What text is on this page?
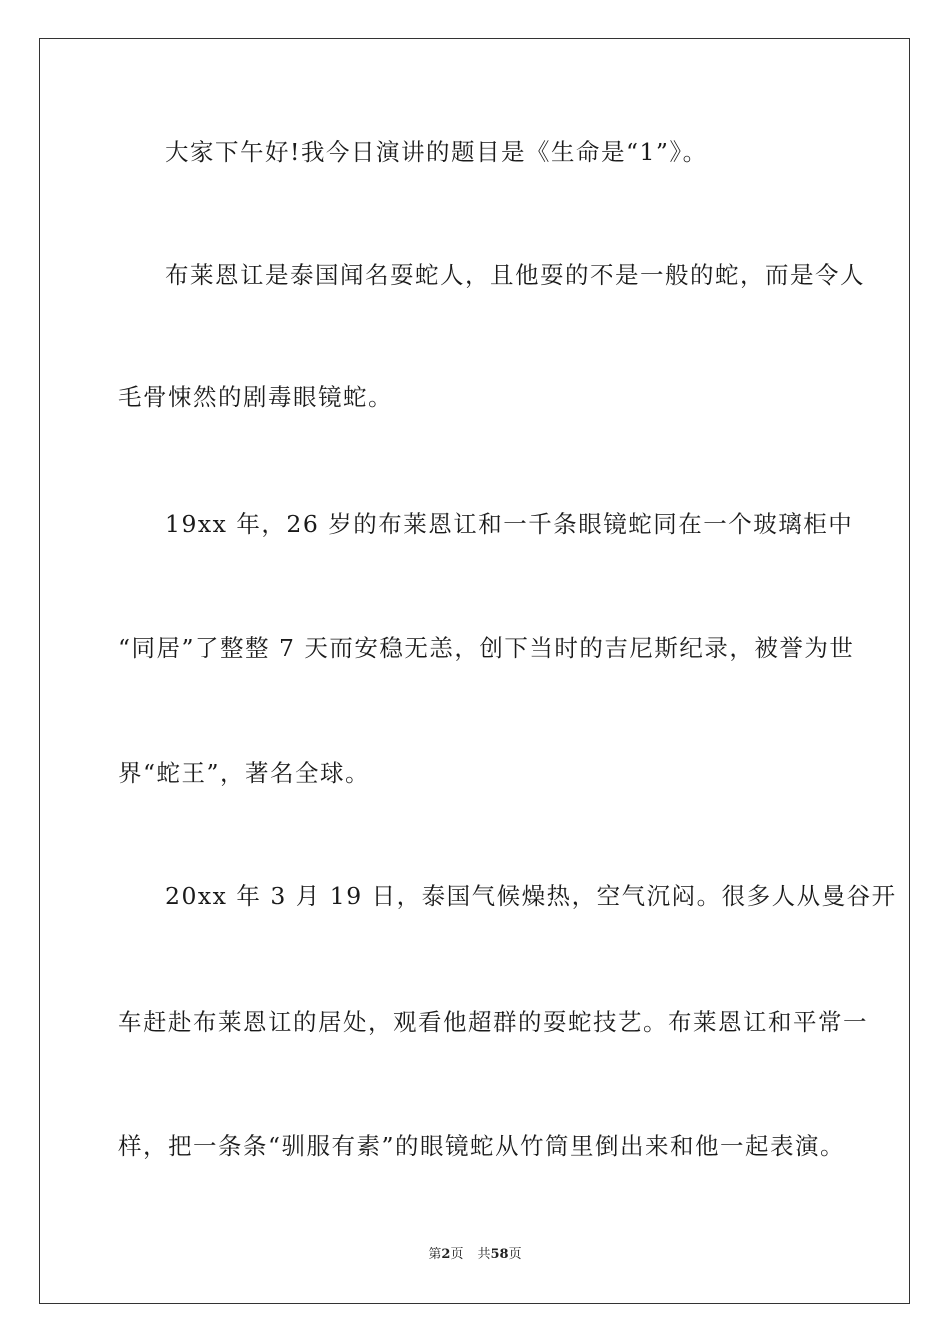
大家下午好!我今日演讲的题目是《生命是“1”》。
布莱恩讧是泰国闻名耍蛇人，且他耍的不是一般的蛇，而是令人
毛骨悚然的剧毒眼镜蛇。
19xx 年，26 岁的布莱恩讧和一千条眼镜蛇同在一个玻璃柜中
“同居”了整整 7 天而安稳无恙，创下当时的吉尼斯纪录，被誉为世
界“蛇王”，著名全球。
20xx 年 3 月 19 日，泰国气候燥热，空气沉闷。很多人从曼谷开
车赶赴布莱恩讧的居处，观看他超群的耍蛇技艺。布莱恩讧和平常一
样，把一条条“驯服有素”的眼镜蛇从竹筒里倒出来和他一起表演。
第2页 共58页
